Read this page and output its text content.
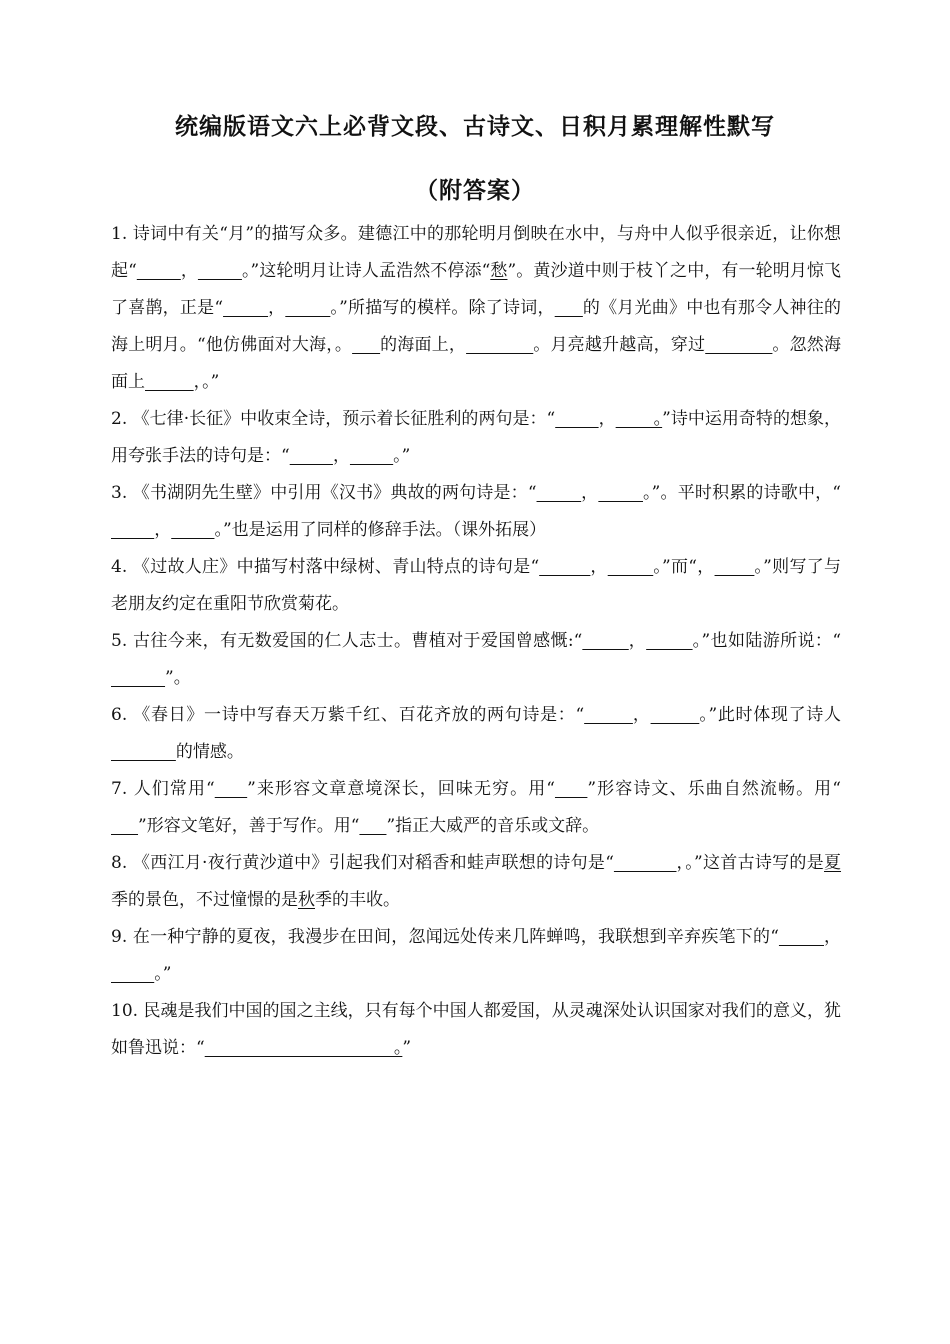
统编版语文六上必背文段、古诗文、日积月累理解性默写
（附答案）

1. 诗词中有关“月”的描写众多。建德江中的那轮明月倒映在水中，与舟中人似乎很亲近，让你想起“	，	。”这轮明月让诗人孟浩然不停添“愁”。黄沙道中则于枝丫之中，有一轮明月惊飞了喜鹊，正是“	，	。”所描写的模样。除了诗词， 的《月光曲》中也有那令人神往的海上明月。“他仿佛面对大海，。 的海面上，	。月亮越升越高，穿过	。忽然海面上	，。”

2. 《七律·长征》中收束全诗，预示着长征胜利的两句是：“	，       。”诗中运用奇特的想象，用夸张手法的诗句是：“	，	。”

3. 《书湖阴先生壁》中引用《汉书》典故的两句诗是：“	，	。”。平时积累的诗歌中，“        ，	。”也是运用了同样的修辞手法。（课外拓展）

4. 《过故人庄》中描写村落中绿树、青山特点的诗句是“	，	。”而“， 。”则写了与老朋友约定在重阳节欣赏菊花。

5. 古往今来，有无数爱国的仁人志士。曹植对于爱国曾感慨:“	，	。”也如陆游所说：“          ”。

6. 《春日》一诗中写春天万紫千红、百花齐放的两句诗是：“	，	。”此时体现了诗人            的情感。

7. 人们常用“ ”来形容文章意境深长，回味无穷。用“ ”形容诗文、乐曲自然流畅。用“     ”形容文笔好，善于写作。用“ ”指正大威严的音乐或文辞。

8. 《西江月·夜行黄沙道中》引起我们对稻香和蛙声联想的诗句是“	，。”这首古诗写的是夏季的景色，不过憧憬的是秋季的丰收。

9. 在一种宁静的夏夜，我漫步在田间，忽闻远处传来几阵蝉鸣，我联想到辛弃疾笔下的“	，        。”

10. 民魂是我们中国的国之主线，只有每个中国人都爱国，从灵魂深处认识国家对我们的意义，犹如鲁迅说：“                                   。”
